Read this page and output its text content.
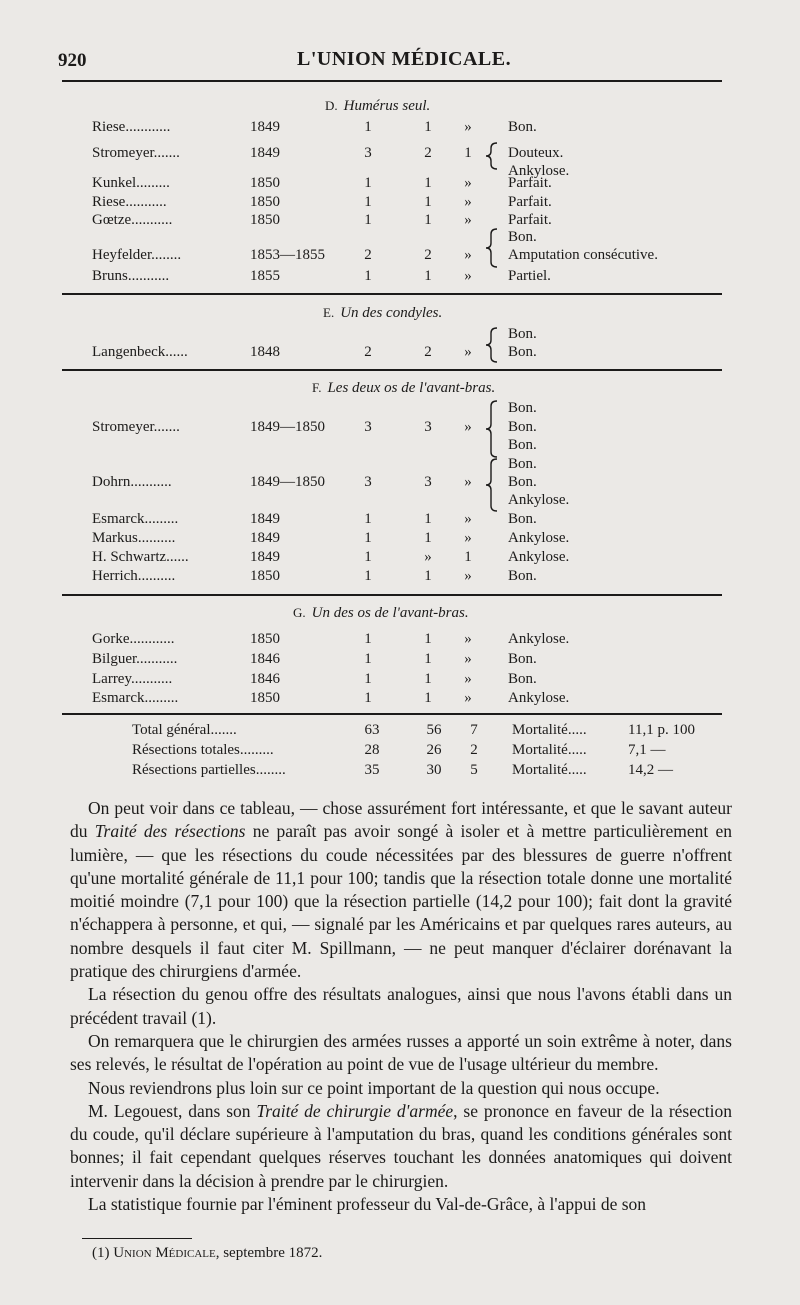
920	L'UNION MÉDICALE.
D. Humérus seul.
Riese............	1849	1	1	»	Bon.
Stromeyer.......	1849	3	2	1	Douteux.
Ankylose.
Kunkel.........	1850	1	1	»	Parfait.
Riese...........	1850	1	1	»	Parfait.
Gœtze...........	1850	1	1	»	Parfait.
Bon.
Heyfelder........	1853—1855	2	2	»	Amputation consécutive.
Bruns...........	1855	1	1	»	Partiel.
E. Un des condyles.
Bon.
Langenbeck......	1848	2	2	»	Bon.
F. Les deux os de l'avant-bras.
Bon.
Stromeyer.......	1849—1850	3	3	»	Bon.
Bon.
Bon.
Dohrn...........	1849—1850	3	3	»	Bon.
Ankylose.
Esmarck.........	1849	1	1	»	Bon.
Markus..........	1849	1	1	»	Ankylose.
H. Schwartz......	1849	1	»	1	Ankylose.
Herrich..........	1850	1	1	»	Bon.
G. Un des os de l'avant-bras.
Gorke............	1850	1	1	»	Ankylose.
Bilguer...........	1846	1	1	»	Bon.
Larrey...........	1846	1	1	»	Bon.
Esmarck.........	1850	1	1	»	Ankylose.
Total général.......	63	56	7	Mortalité.....	11,1 p. 100
Résections totales.........	28	26	2	Mortalité.....	7,1 —
Résections partielles........	35	30	5	Mortalité.....	14,2 —

On peut voir dans ce tableau, — chose assurément fort intéressante, et que le savant auteur du Traité des résections ne paraît pas avoir songé à isoler et à mettre particulièrement en lumière, — que les résections du coude nécessitées par des blessures de guerre n'offrent qu'une mortalité générale de 11,1 pour 100; tandis que la résection totale donne une mortalité moitié moindre (7,1 pour 100) que la résection partielle (14,2 pour 100); fait dont la gravité n'échappera à personne, et qui, — signalé par les Américains et par quelques rares auteurs, au nombre desquels il faut citer M. Spillmann, — ne peut manquer d'éclairer dorénavant la pratique des chirurgiens d'armée.

La résection du genou offre des résultats analogues, ainsi que nous l'avons établi dans un précédent travail (1).

On remarquera que le chirurgien des armées russes a apporté un soin extrême à noter, dans ses relevés, le résultat de l'opération au point de vue de l'usage ultérieur du membre.

Nous reviendrons plus loin sur ce point important de la question qui nous occupe.

M. Legouest, dans son Traité de chirurgie d'armée, se prononce en faveur de la résection du coude, qu'il déclare supérieure à l'amputation du bras, quand les conditions générales sont bonnes; il fait cependant quelques réserves touchant les données anatomiques qui doivent intervenir dans la décision à prendre par le chirurgien.

La statistique fournie par l'éminent professeur du Val-de-Grâce, à l'appui de son

(1) Union Médicale, septembre 1872.
